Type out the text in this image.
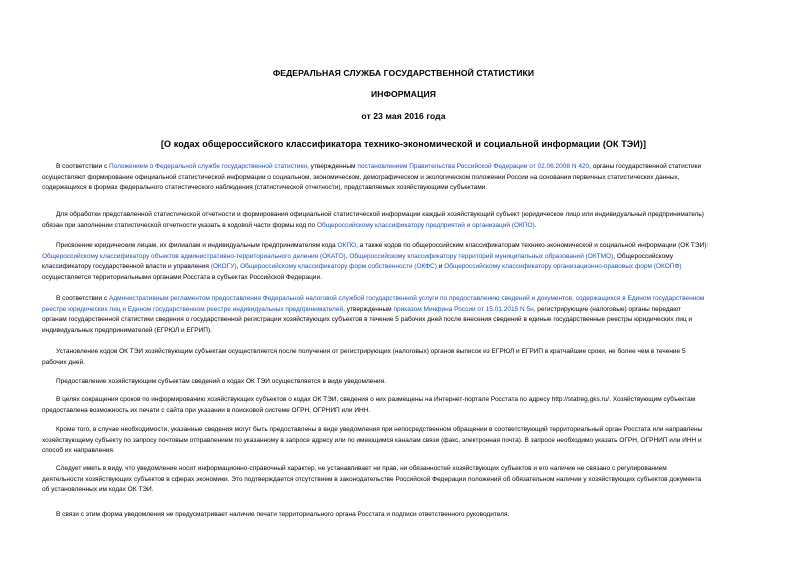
ФЕДЕРАЛЬНАЯ СЛУЖБА ГОСУДАРСТВЕННОЙ СТАТИСТИКИ
ИНФОРМАЦИЯ
от 23 мая 2016 года
[О кодах общероссийского классификатора технико-экономической и социальной информации (ОК ТЭИ)]
В соответствии с Положением о Федеральной службе государственной статистики, утвержденным постановлением Правительства Российской Федерации от 02.06.2008 N 420, органы государственной статистики
осуществляют формирование официальной статистической информации о социальном, экономическом, демографическом и экологическом положении России на основании первичных статистических данных,
содержащихся в формах федерального статистического наблюдения (статистической отчетности), представляемых хозяйствующими субъектами.
Для обработки представленной статистической отчетности и формирования официальной статистической информации каждый хозяйствующий субъект (юридическое лицо или индивидуальный предприниматель)
обязан при заполнении статистической отчетности указать в кодовой части формы код по Общероссийскому классификатору предприятий и организаций (ОКПО).
Присвоение юридическим лицам, их филиалам и индивидуальным предпринимателям кода ОКПО, а также кодов по общероссийским классификаторам технико-экономической и социальной информации (ОК ТЭИ):
Общероссийскому классификатору объектов административно-территориального деления (ОКАТО), Общероссийскому классификатору территорий муниципальных образований (ОКТМО), Общероссийскому
классификатору государственной власти и управления (ОКОГУ), Общероссийскому классификатору форм собственности (ОКФС) и Общероссийскому классификатору организационно-правовых форм (ОКОПФ)
осуществляется территориальными органами Росстата в субъектах Российской Федерации.
В соответствии с Административным регламентом предоставления Федеральной налоговой службой государственной услуги по предоставлению сведений и документов, содержащихся в Едином государственном
реестре юридических лиц и Едином государственном реестре индивидуальных предпринимателей, утвержденным приказом Минфина России от 15.01.2015 N 5н, регистрирующие (налоговые) органы передают
органам государственной статистики сведения о государственной регистрации хозяйствующих субъектов в течение 5 рабочих дней после внесения сведений в единые государственные реестры юридических лиц и
индивидуальных предпринимателей (ЕГРЮЛ и ЕГРИП).
Установление кодов ОК ТЭИ хозяйствующим субъектам осуществляется после получения от регистрирующих (налоговых) органов выписок из ЕГРЮЛ и ЕГРИП в кратчайшие сроки, не более чем в течение 5
рабочих дней.
Предоставление хозяйствующим субъектам сведений о кодах ОК ТЭИ осуществляется в виде уведомления.
В целях сокращения сроков по информированию хозяйствующих субъектов о кодах ОК ТЭИ, сведения о них размещены на Интернет-портале Росстата по адресу http://statreg.gks.ru/. Хозяйствующим субъектам
предоставлена возможность их печати с сайта при указании в поисковой системе ОГРН, ОГРНИП или ИНН.
Кроме того, в случае необходимости, указанные сведения могут быть предоставлены в виде уведомления при непосредственном обращении в соответствующий территориальный орган Росстата или направлены
хозяйствующему субъекту по запросу почтовым отправлением по указанному в запросе адресу или по имеющимся каналам связи (факс, электронная почта). В запросе необходимо указать ОГРН, ОГРНИП или ИНН и
способ их направления.
Следует иметь в виду, что уведомление носит информационно-справочный характер, не устанавливает ни прав, ни обязанностей хозяйствующих субъектов и его наличие не связано с регулированием
деятельности хозяйствующих субъектов в сферах экономики. Это подтверждается отсутствием в законодательстве Российской Федерации положений об обязательном наличии у хозяйствующих субъектов документа
об установленных им кодах ОК ТЭИ.
В связи с этим форма уведомления не предусматривает наличие печати территориального органа Росстата и подписи ответственного руководителя.
